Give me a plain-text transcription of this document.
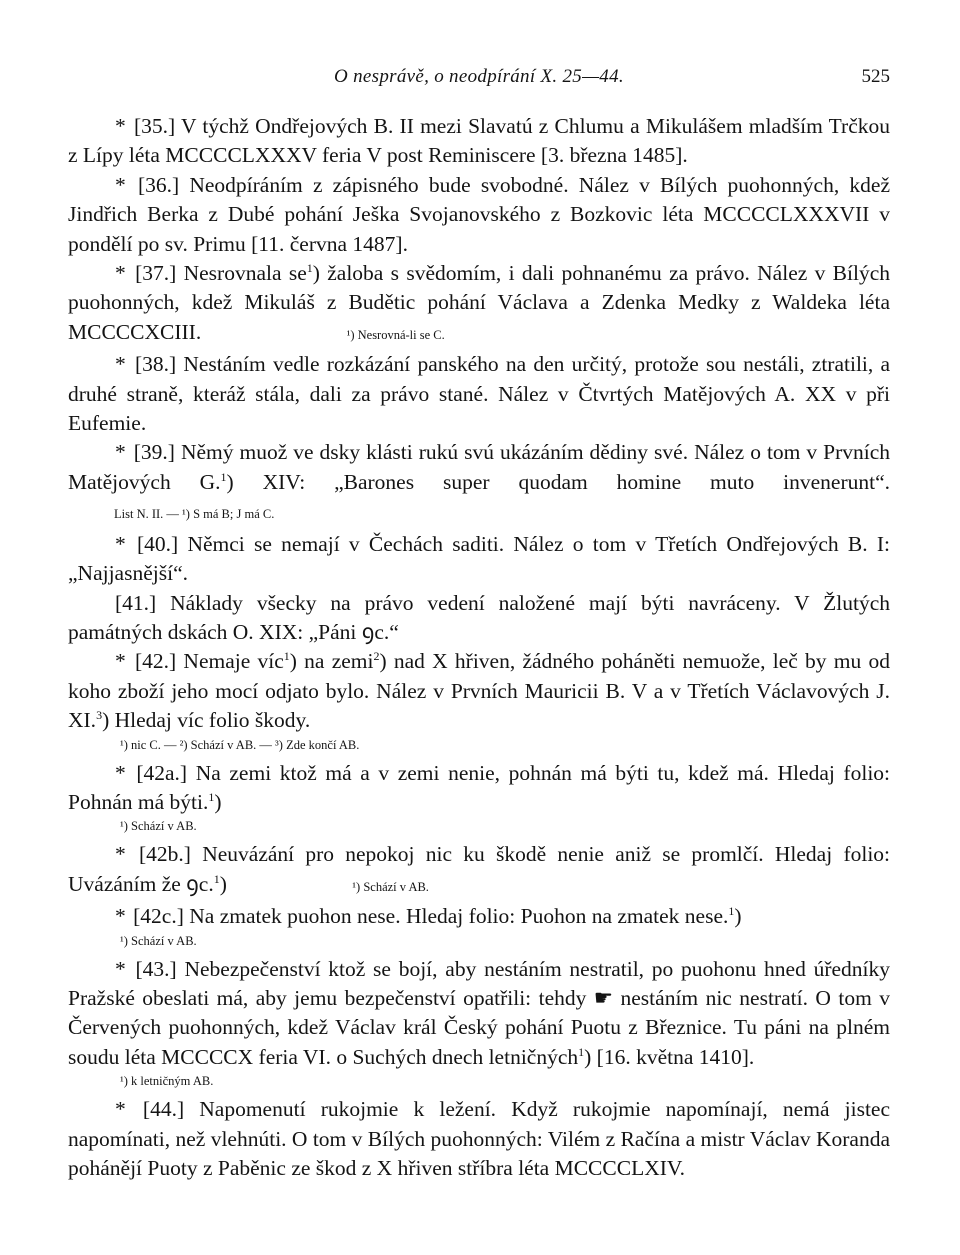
O nesprávě, o neodpírání X. 25—44.	525

* [35.] V týchž Ondřejových B. II mezi Slavatú z Chlumu a Mikulášem mladším Trčkou z Lípy léta MCCCCLXXXV feria V post Reminiscere [3. března 1485].

* [36.] Neodpíráním z zápisného bude svobodné. Nález v Bílých puohonných, kdež Jindřich Berka z Dubé pohání Ješka Svojanovského z Bozkovic léta MCCCCLXXXVII v pondělí po sv. Primu [11. června 1487].

* [37.] Nesrovnala $se^1$) žaloba s svědomím, i dali pohnanému za právo. Nález v Bílých puohonných, kdež Mikuláš z Budětic pohání Václava a Zdenka Medky z Waldeka léta MCCCCXCIII.	¹) Nesrovná-li se C.

* [38.] Nestáním vedle rozkázání panského na den určitý, protože sou nestáli, ztratili, a druhé straně, kteráž stála, dali za právo stané. Nález v Čtvrtých Matějových A. XX v při Eufemie.

* [39.] Němý muož ve dsky klásti rukú svú ukázáním dědiny své. Nález o tom v Prvních Matějových G.$^1$) XIV: „Barones super quodam homine muto invenerunt“. List N. II. — ¹) S má B; J má C.

* [40.] Němci se nemají v Čechách saditi. Nález o tom v Třetích Ondřejových B. I: „Najjasnější“.

[41.] Náklady všecky na právo vedení naložené mají býti navráceny. V Žlutých památných dskách O. XIX: „Páni ꝯc.“

* [42.] Nemaje víc$^1$) na zemi$^2$) nad X hřiven, žádného poháněti nemuože, leč by mu od koho zboží jeho mocí odjato bylo. Nález v Prvních Mauricii B. V a v Třetích Václavových J. XI.$^3$) Hledaj víc folio škody.

¹) nic C. — ²) Schází v AB. — ³) Zde končí AB.

* [42a.] Na zemi ktož má a v zemi nenie, pohnán má býti tu, kdež má. Hledaj folio: Pohnán má býti.$^1$)

¹) Schází v AB.

* [42b.] Neuvázání pro nepokoj nic ku škodě nenie aniž se promlčí. Hledaj folio: Uvázáním že ꝯc.$^1$)	¹) Schází v AB.

* [42c.] Na zmatek puohon nese. Hledaj folio: Puohon na zmatek nese.$^1$)

¹) Schází v AB.

* [43.] Nebezpečenství ktož se bojí, aby nestáním nestratil, po puohonu hned úředníky Pražské obeslati má, aby jemu bezpečenství opatřili: tehdy ☛ nestáním nic nestratí. O tom v Červených puohonných, kdež Václav král Český pohání Puotu z Březnice. Tu páni na plném soudu léta MCCCCX feria VI. o Suchých dnech letničných$^1$) [16. května 1410].

¹) k letničným AB.

* [44.] Napomenutí rukojmie k ležení. Když rukojmie napomínají, nemá jistec napomínati, než vlehnúti. O tom v Bílých puohonných: Vilém z Račína a mistr Václav Koranda pohánějí Puoty z Paběnic ze škod z X hřiven stříbra léta MCCCCLXIV.
